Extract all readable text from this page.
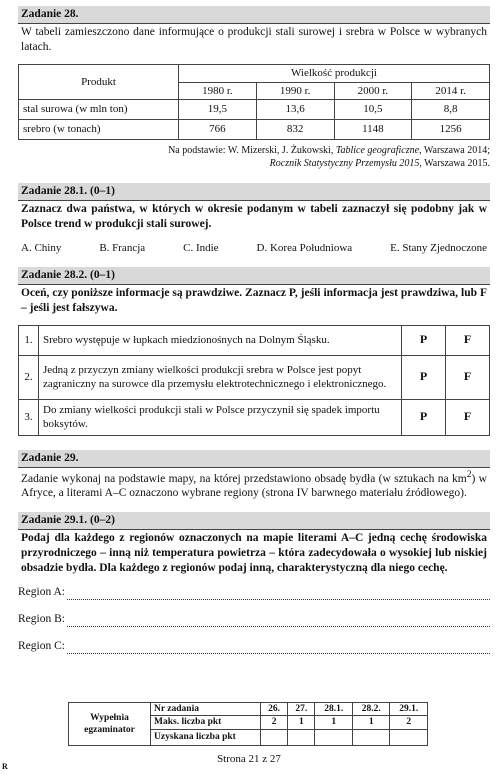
Zadanie 28.
W tabeli zamieszczono dane informujące o produkcji stali surowej i srebra w Polsce w wybranych latach.
Produkt	Wielkość produkcji			
	1980 r.	1990 r.	2000 r.	2014 r.
stal surowa (w mln ton)	19,5	13,6	10,5	8,8
srebro (w tonach)	766	832	1148	1256
Na podstawie: W. Mizerski, J. Żukowski, Tablice geograficzne, Warszawa 2014;
Rocznik Statystyczny Przemysłu 2015, Warszawa 2015.
Zadanie 28.1. (0–1)
Zaznacz dwa państwa, w których w okresie podanym w tabeli zaznaczył się podobny jak w Polsce trend w produkcji stali surowej.
A. Chiny	B. Francja	C. Indie	D. Korea Południowa	E. Stany Zjednoczone
Zadanie 28.2. (0–1)
Oceń, czy poniższe informacje są prawdziwe. Zaznacz P, jeśli informacja jest prawdziwa, lub F – jeśli jest fałszywa.
1.	Srebro występuje w łupkach miedzionośnych na Dolnym Śląsku.	P	F
2.	Jedną z przyczyn zmiany wielkości produkcji srebra w Polsce jest popyt zagraniczny na surowce dla przemysłu elektrotechnicznego i elektronicznego.	P	F
3.	Do zmiany wielkości produkcji stali w Polsce przyczynił się spadek importu boksytów.	P	F
Zadanie 29.
Zadanie wykonaj na podstawie mapy, na której przedstawiono obsadę bydła (w sztukach na $km^2$) w Afryce, a literami A–C oznaczono wybrane regiony (strona IV barwnego materiału źródłowego).
Zadanie 29.1. (0–2)
Podaj dla każdego z regionów oznaczonych na mapie literami A–C jedną cechę środowiska przyrodniczego – inną niż temperatura powietrza – która zadecydowała o wysokiej lub niskiej obsadzie bydła. Dla każdego z regionów podaj inną, charakterystyczną dla niego cechę.
Region A:
Region B:
Region C:
Wypełnia egzaminator	Nr zadania	26.	27.	28.1.	28.2.	29.1.
	Maks. liczba pkt	2	1	1	1	2
	Uzyskana liczba pkt					
Strona 21 z 27
R
